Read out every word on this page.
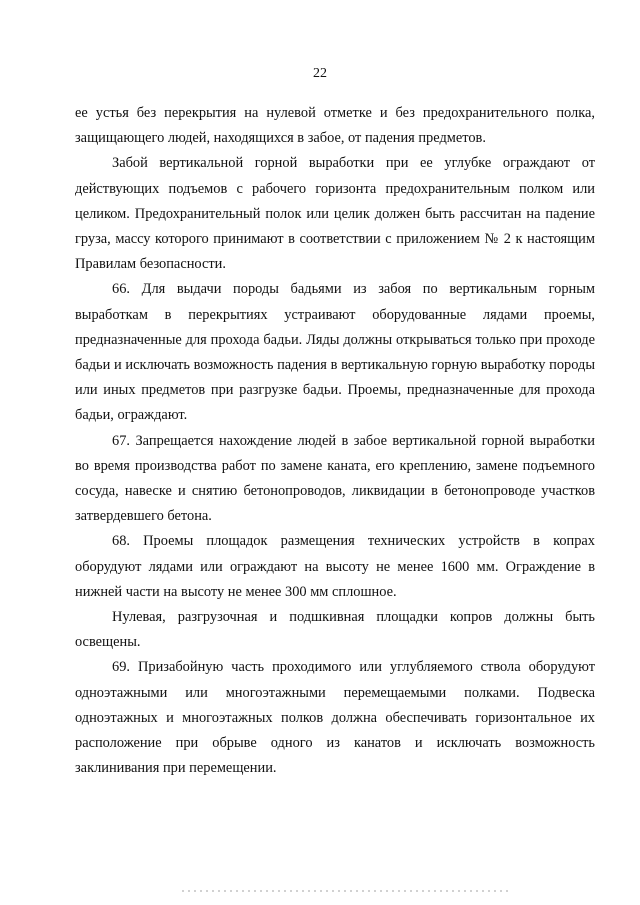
22

ее устья без перекрытия на нулевой отметке и без предохранительного полка, защищающего людей, находящихся в забое, от падения предметов.

Забой вертикальной горной выработки при ее углубке ограждают от действующих подъемов с рабочего горизонта предохранительным полком или целиком. Предохранительный полок или целик должен быть рассчитан на падение груза, массу которого принимают в соответствии с приложением № 2 к настоящим Правилам безопасности.

66. Для выдачи породы бадьями из забоя по вертикальным горным выработкам в перекрытиях устраивают оборудованные лядами проемы, предназначенные для прохода бадьи. Ляды должны открываться только при проходе бадьи и исключать возможность падения в вертикальную горную выработку породы или иных предметов при разгрузке бадьи. Проемы, предназначенные для прохода бадьи, ограждают.

67. Запрещается нахождение людей в забое вертикальной горной выработки во время производства работ по замене каната, его креплению, замене подъемного сосуда, навеске и снятию бетонопроводов, ликвидации в бетонопроводе участков затвердевшего бетона.

68. Проемы площадок размещения технических устройств в копрах оборудуют лядами или ограждают на высоту не менее 1600 мм. Ограждение в нижней части на высоту не менее 300 мм сплошное.

Нулевая, разгрузочная и подшкивная площадки копров должны быть освещены.

69. Призабойную часть проходимого или углубляемого ствола оборудуют одноэтажными или многоэтажными перемещаемыми полками. Подвеска одноэтажных и многоэтажных полков должна обеспечивать горизонтальное их расположение при обрыве одного из канатов и исключать возможность заклинивания при перемещении.
